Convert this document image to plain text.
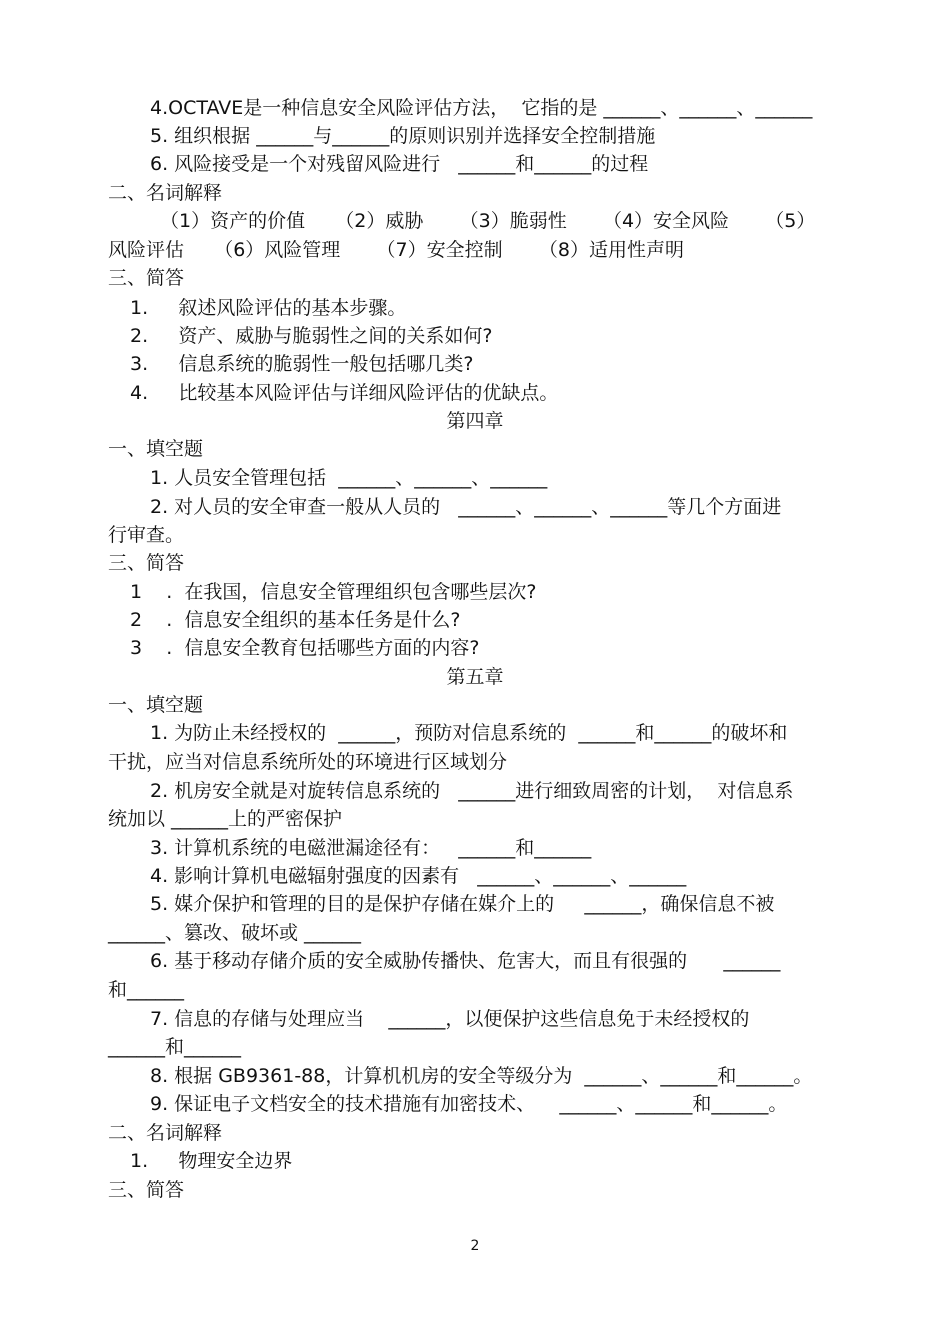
4.OCTAVE是一种信息安全风险评估方法，  它指的是 ______、______、______
5. 组织根据 ______与______的原则识别并选择安全控制措施
6. 风险接受是一个对残留风险进行   ______和______的过程
二、名词解释
（1）资产的价值     （2）威胁      （3）脆弱性      （4）安全风险      （5）
风险评估     （6）风险管理      （7）安全控制      （8）适用性声明
三、简答
1.     叙述风险评估的基本步骤。
2.     资产、威胁与脆弱性之间的关系如何?
3.     信息系统的脆弱性一般包括哪几类?
4.     比较基本风险评估与详细风险评估的优缺点。
第四章
一、填空题
1. 人员安全管理包括  ______、______、______
2. 对人员的安全审查一般从人员的   ______、______、______等几个方面进
行审查。
三、简答
1    .  在我国，信息安全管理组织包含哪些层次?
2    .  信息安全组织的基本任务是什么?
3    .  信息安全教育包括哪些方面的内容?
第五章
一、填空题
1. 为防止未经授权的  ______，预防对信息系统的  ______和______的破坏和
干扰，应当对信息系统所处的环境进行区域划分
2. 机房安全就是对旋转信息系统的   ______进行细致周密的计划，  对信息系
统加以 ______上的严密保护
3. 计算机系统的电磁泄漏途径有：   ______和______
4. 影响计算机电磁辐射强度的因素有   ______、______、______
5. 媒介保护和管理的目的是保护存储在媒介上的     ______，确保信息不被
______、篡改、破坏或 ______
6. 基于移动存储介质的安全威胁传播快、危害大，而且有很强的      ______
和______
7. 信息的存储与处理应当    ______，以便保护这些信息免于未经授权的
______和______
8. 根据 GB9361-88，计算机机房的安全等级分为  ______、______和______。
9. 保证电子文档安全的技术措施有加密技术、    ______、______和______。
二、名词解释
1.     物理安全边界
三、简答
2
